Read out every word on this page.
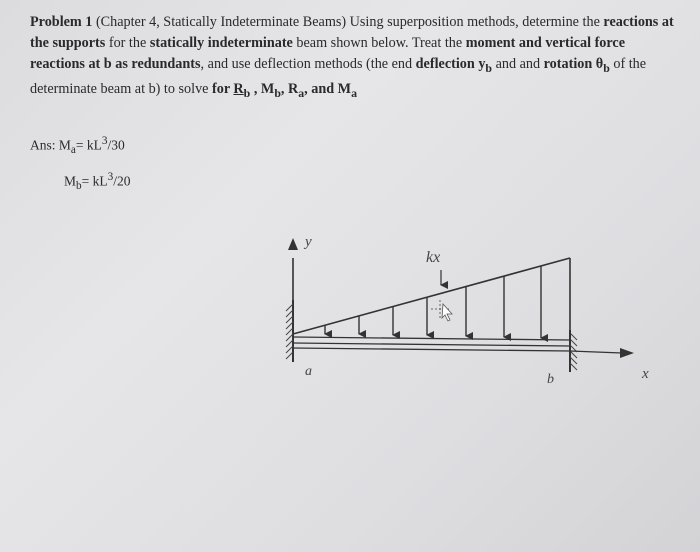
Problem 1 (Chapter 4, Statically Indeterminate Beams) Using superposition methods, determine the reactions at the supports for the statically indeterminate beam shown below. Treat the moment and vertical force reactions at b as redundants, and use deflection methods (the end deflection $y_b$ and and rotation $\theta_b$ of the determinate beam at b) to solve for $R_b$ , $M_b$, $R_a$, and $M_a$
Ans: $M_a= kL^3/30$
$M_b= kL^3/20$
y
x
kx
a
b
